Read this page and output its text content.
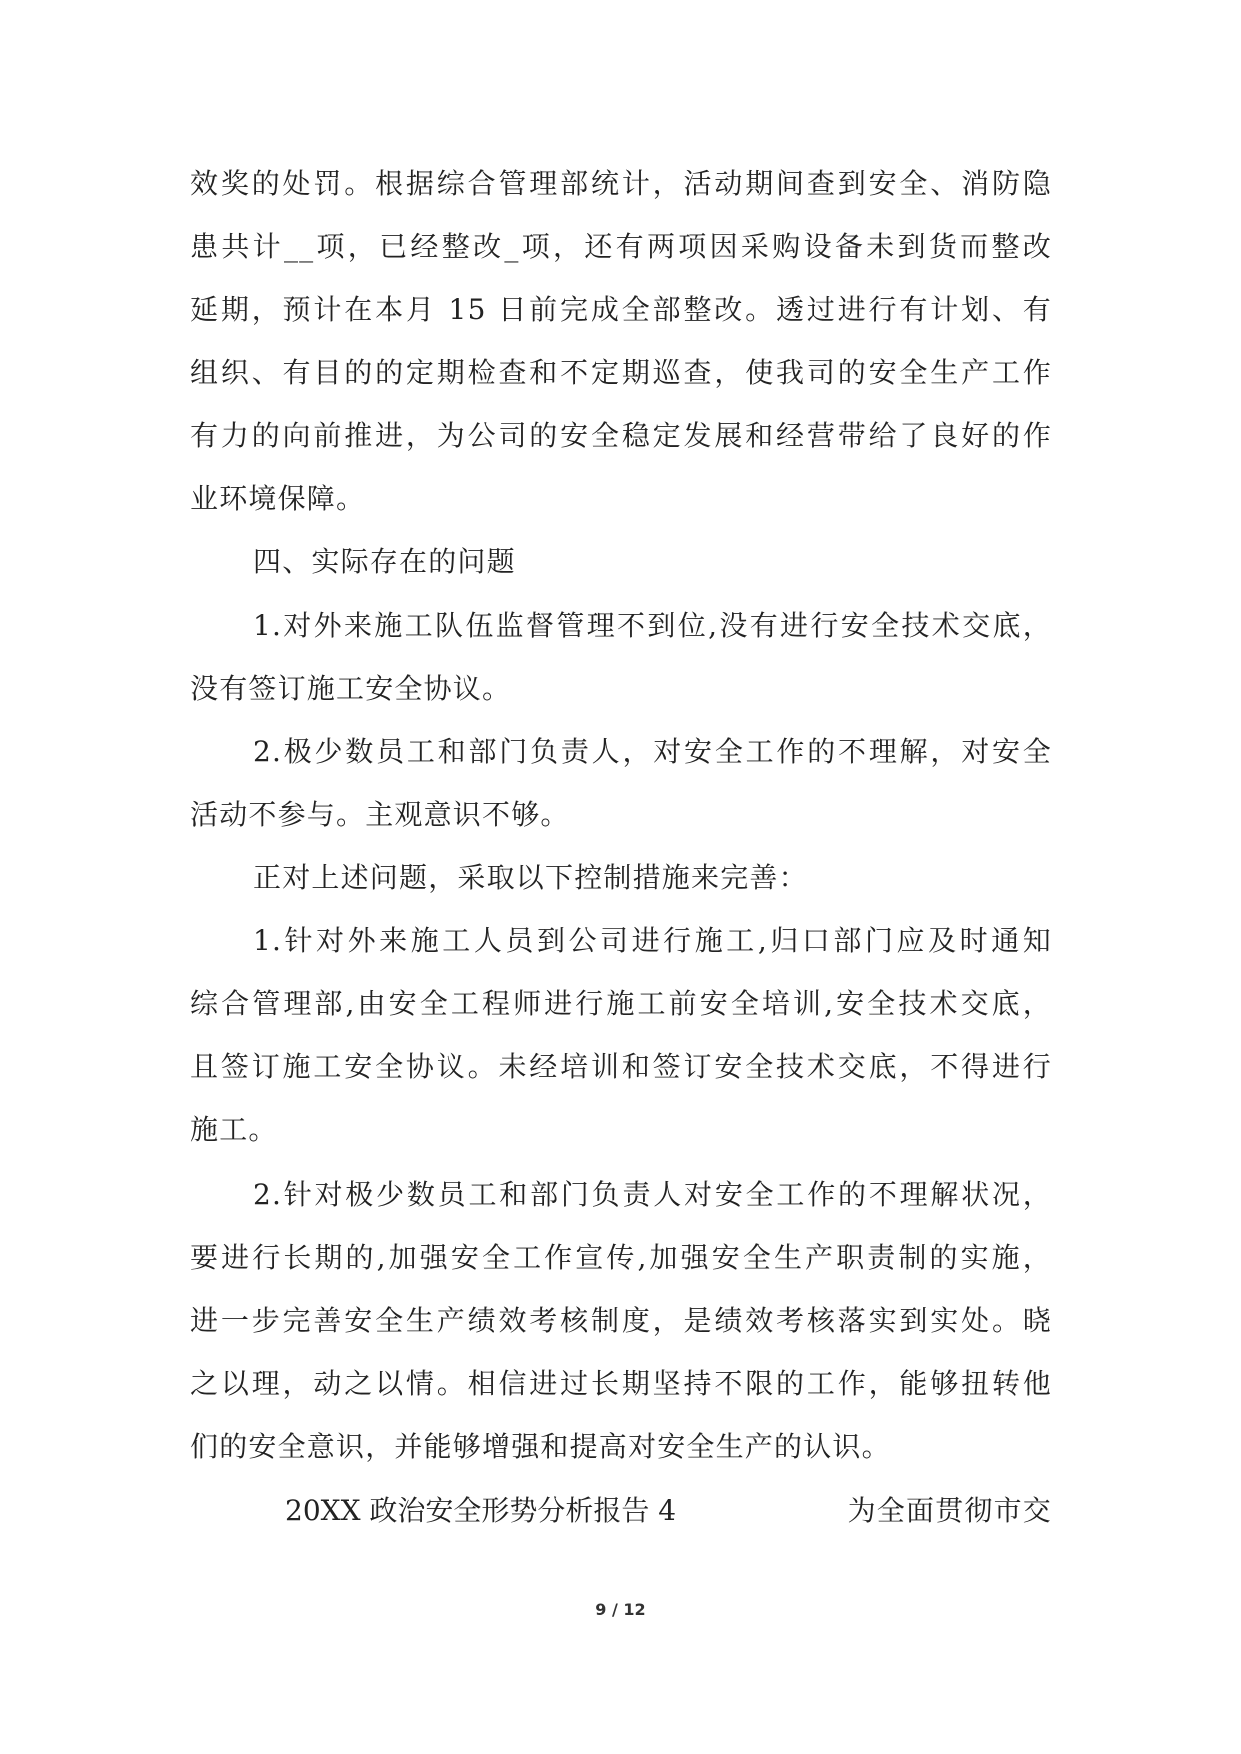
效奖的处罚。根据综合管理部统计，活动期间查到安全、消防隐
患共计__项，已经整改_项，还有两项因采购设备未到货而整改
延期，预计在本月 15 日前完成全部整改。透过进行有计划、有
组织、有目的的定期检查和不定期巡查，使我司的安全生产工作
有力的向前推进，为公司的安全稳定发展和经营带给了良好的作
业环境保障。
四、实际存在的问题
1.对外来施工队伍监督管理不到位,没有进行安全技术交底，
没有签订施工安全协议。
2.极少数员工和部门负责人，对安全工作的不理解，对安全
活动不参与。主观意识不够。
正对上述问题，采取以下控制措施来完善：
1.针对外来施工人员到公司进行施工,归口部门应及时通知
综合管理部,由安全工程师进行施工前安全培训,安全技术交底，
且签订施工安全协议。未经培训和签订安全技术交底，不得进行
施工。
2.针对极少数员工和部门负责人对安全工作的不理解状况，
要进行长期的,加强安全工作宣传,加强安全生产职责制的实施，
进一步完善安全生产绩效考核制度，是绩效考核落实到实处。晓
之以理，动之以情。相信进过长期坚持不限的工作，能够扭转他
们的安全意识，并能够增强和提高对安全生产的认识。
20XX 政治安全形势分析报告 4	为全面贯彻市交
9 / 12
